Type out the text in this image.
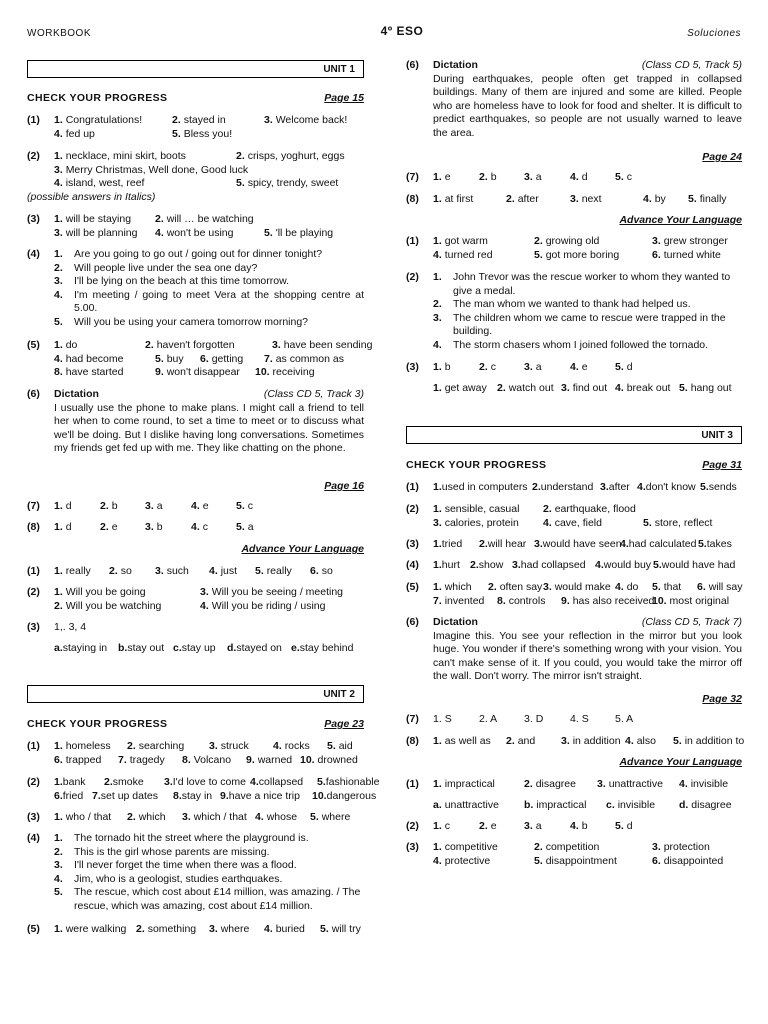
WORKBOOK	4º ESO	Soluciones
UNIT 1
CHECK YOUR PROGRESS	Page 15
(1) 1. Congratulations!	2. stayed in	3. Welcome back!
4. fed up	5. Bless you!
(2) 1. necklace, mini skirt, boots	2. crisps, yoghurt, eggs
3. Merry Christmas, Well done, Good luck
4. island, west, reef	5. spicy, trendy, sweet
(possible answers in Italics)
(3) 1. will be staying 2. will … be watching
3. will be planning 4. won't be using	5. 'll be playing
(4) 1. Are you going to go out / going out for dinner tonight?
2. Will people live under the sea one day?
3. I'll be lying on the beach at this time tomorrow.
4. I'm meeting / going to meet Vera at the shopping centre at 5.00.
5. Will you be using your camera tomorrow morning?
(5) 1. do	2. haven't forgotten	3. have been sending
4. had become	5. buy 6. getting 7. as common as
8. have started	9. won't disappear 10. receiving
(6) Dictation	(Class CD 5, Track 3)
I usually use the phone to make plans. I might call a friend to tell her when to come round, to set a time to meet or to discuss what we'll be doing. But I dislike having long conversations. Sometimes my friends get fed up with me. They like chatting on the phone.
Page 16
(7) 1. d	2. b	3. a	4. e	5. c
(8) 1. d	2. e	3. b	4. c	5. a
Advance Your Language
(1) 1. really 2. so 3. such 4. just 5. really 6. so
(2) 1. Will you be going	3. Will you be seeing / meeting
2. Will you be watching	4. Will you be riding / using
(3) 1,. 3, 4
a.staying in b.stay out c.stay up d.stayed on e.stay behind
UNIT 2
CHECK YOUR PROGRESS	Page 23
(1) 1. homeless 2. searching 3. struck 4. rocks 5. aid
6. trapped 7. tragedy 8. Volcano 9. warned 10. drowned
(2) 1.bank 2.smoke 3.I'd love to come 4.collapsed 5.fashionable
6.fried 7.set up dates 8.stay in 9.have a nice trip 10.dangerous
(3) 1. who / that 2. which 3. which / that 4. whose 5. where
(4) 1. The tornado hit the street where the playground is.
2. This is the girl whose parents are missing.
3. I'll never forget the time when there was a flood.
4. Jim, who is a geologist, studies earthquakes.
5. The rescue, which cost about £14 million, was amazing. / The rescue, which was amazing, cost about £14 million.
(5) 1. were walking 2. something 3. where 4. buried 5. will try
(6) Dictation	(Class CD 5, Track 5)
During earthquakes, people often get trapped in collapsed buildings. Many of them are injured and some are killed. People who are homeless have to look for food and shelter. It is difficult to predict earthquakes, so people are not usually warned to leave the area.
Page 24
(7) 1. e	2. b	3. a	4. d	5. c
(8) 1. at first	2. after	3. next	4. by 5. finally
Advance Your Language
(1) 1. got warm	2. growing old	3. grew stronger
4. turned red	5. got more boring	6. turned white
(2) 1. John Trevor was the rescue worker to whom they wanted to give a medal.
2. The man whom we wanted to thank had helped us.
3. The children whom we came to rescue were trapped in the building.
4. The storm chasers whom I joined followed the tornado.
(3) 1. b	2. c	3. a	4. e	5. d
1. get away 2. watch out 3. find out 4. break out 5. hang out
UNIT 3
CHECK YOUR PROGRESS	Page 31
(1) 1.used in computers 2.understand 3.after 4.don't know 5.sends
(2) 1. sensible, casual 2. earthquake, flood
3. calories, protein 4. cave, field	5. store, reflect
(3) 1.tried 2.will hear 3.would have seen
4.had calculated 5.takes
(4) 1.hurt 2.show 3.had collapsed 4.would buy 5.would have had
(5) 1. which 2. often say 3. would make 4. do 5. that 6. will say
7. invented 8. controls 9. has also received
10. most original
(6) Dictation	(Class CD 5, Track 7)
Imagine this. You see your reflection in the mirror but you look huge. You wonder if there's something wrong with your vision. You can't make sense of it. If you could, you would take the mirror off the wall. Don't worry. The mirror isn't straight.
Page 32
(7) 1. S	2. A	3. D	4. S	5. A
(8) 1. as well as 2. and 3. in addition 4. also 5. in addition to
Advance Your Language
(1) 1. impractical	2. disagree 3. unattractive 4. invisible
a. unattractive b. impractical c. invisible d. disagree
(2) 1. c	2. e	3. a	4. b	5. d
(3) 1. competitive	2. competition	3. protection
4. protective	5. disappointment	6. disappointed
